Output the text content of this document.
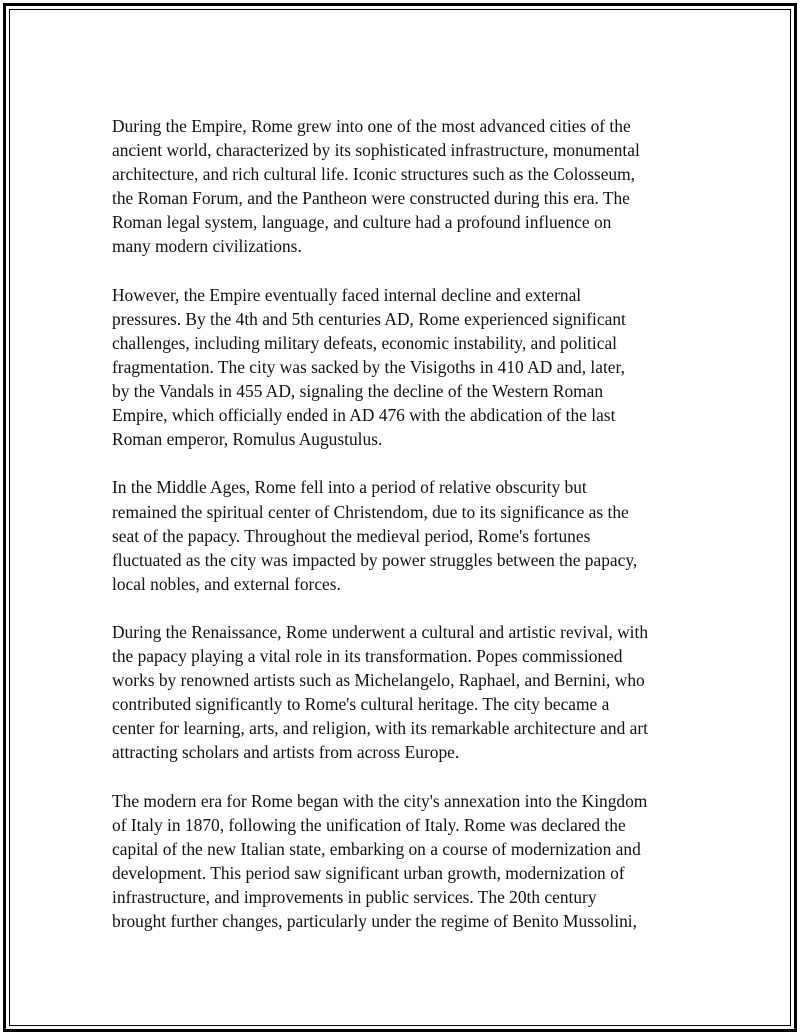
During the Empire, Rome grew into one of the most advanced cities of the
ancient world, characterized by its sophisticated infrastructure, monumental
architecture, and rich cultural life. Iconic structures such as the Colosseum,
the Roman Forum, and the Pantheon were constructed during this era. The
Roman legal system, language, and culture had a profound influence on
many modern civilizations.

However, the Empire eventually faced internal decline and external
pressures. By the 4th and 5th centuries AD, Rome experienced significant
challenges, including military defeats, economic instability, and political
fragmentation. The city was sacked by the Visigoths in 410 AD and, later,
by the Vandals in 455 AD, signaling the decline of the Western Roman
Empire, which officially ended in AD 476 with the abdication of the last
Roman emperor, Romulus Augustulus.

In the Middle Ages, Rome fell into a period of relative obscurity but
remained the spiritual center of Christendom, due to its significance as the
seat of the papacy. Throughout the medieval period, Rome's fortunes
fluctuated as the city was impacted by power struggles between the papacy,
local nobles, and external forces.

During the Renaissance, Rome underwent a cultural and artistic revival, with
the papacy playing a vital role in its transformation. Popes commissioned
works by renowned artists such as Michelangelo, Raphael, and Bernini, who
contributed significantly to Rome's cultural heritage. The city became a
center for learning, arts, and religion, with its remarkable architecture and art
attracting scholars and artists from across Europe.

The modern era for Rome began with the city's annexation into the Kingdom
of Italy in 1870, following the unification of Italy. Rome was declared the
capital of the new Italian state, embarking on a course of modernization and
development. This period saw significant urban growth, modernization of
infrastructure, and improvements in public services. The 20th century
brought further changes, particularly under the regime of Benito Mussolini,
